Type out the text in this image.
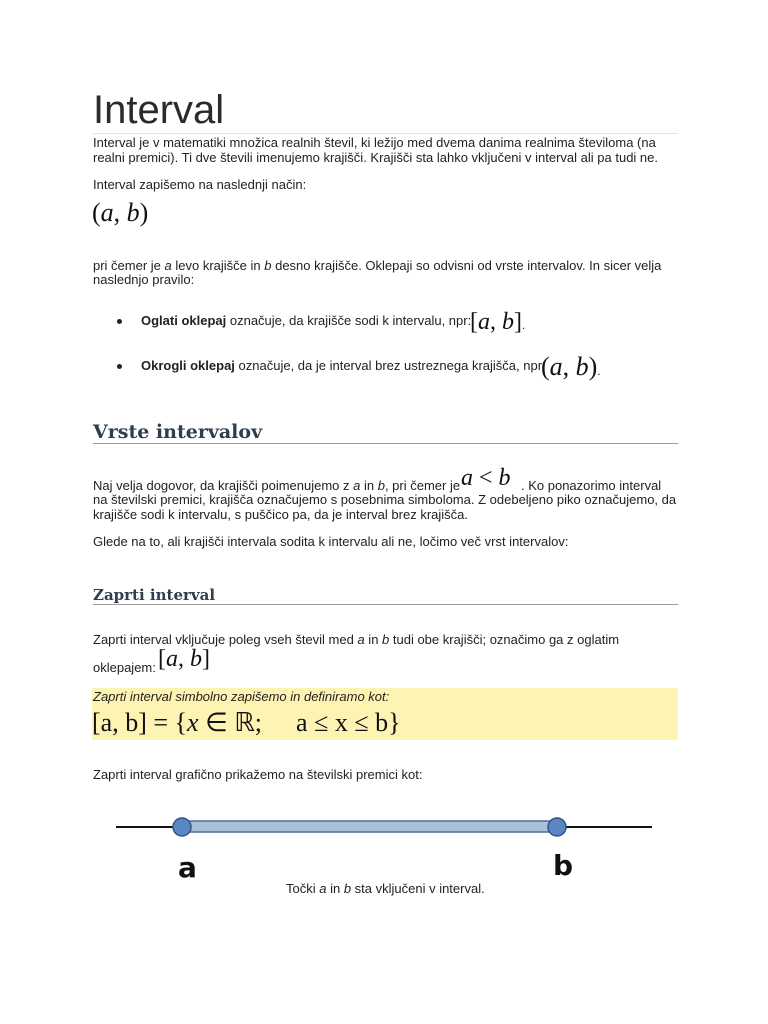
Interval
Interval je v matematiki množica realnih števil, ki ležijo med dvema danima realnima številoma (na
realni premici). Ti dve števili imenujemo krajišči. Krajišči sta lahko vključeni v interval ali pa tudi ne.
Interval zapišemo na naslednji način:
(a, b)
pri čemer je a levo krajišče in b desno krajišče. Oklepaji so odvisni od vrste intervalov. In sicer velja
naslednjo pravilo:
Oglati oklepaj označuje, da krajišče sodi k intervalu, npr:
[a, b].
Okrogli oklepaj označuje, da je interval brez ustreznega krajišča, npr:
(a, b).
Vrste intervalov
Naj velja dogovor, da krajišči poimenujemo z a in b, pri čemer je a < b . Ko ponazorimo interval
na številski premici, krajišča označujemo s posebnima simboloma. Z odebeljeno piko označujemo, da
krajišče sodi k intervalu, s puščico pa, da je interval brez krajišča.
Glede na to, ali krajišči intervala sodita k intervalu ali ne, ločimo več vrst intervalov:
Zaprti interval
Zaprti interval vključuje poleg vseh števil med a in b tudi obe krajišči; označimo ga z oglatim
oklepajem: [a, b]
Zaprti interval simbolno zapišemo in definiramo kot:
[a, b] = {x ∈ ℝ; a ≤ x ≤ b}
Zaprti interval grafično prikažemo na številski premici kot:
a	b
Točki a in b sta vključeni v interval.
